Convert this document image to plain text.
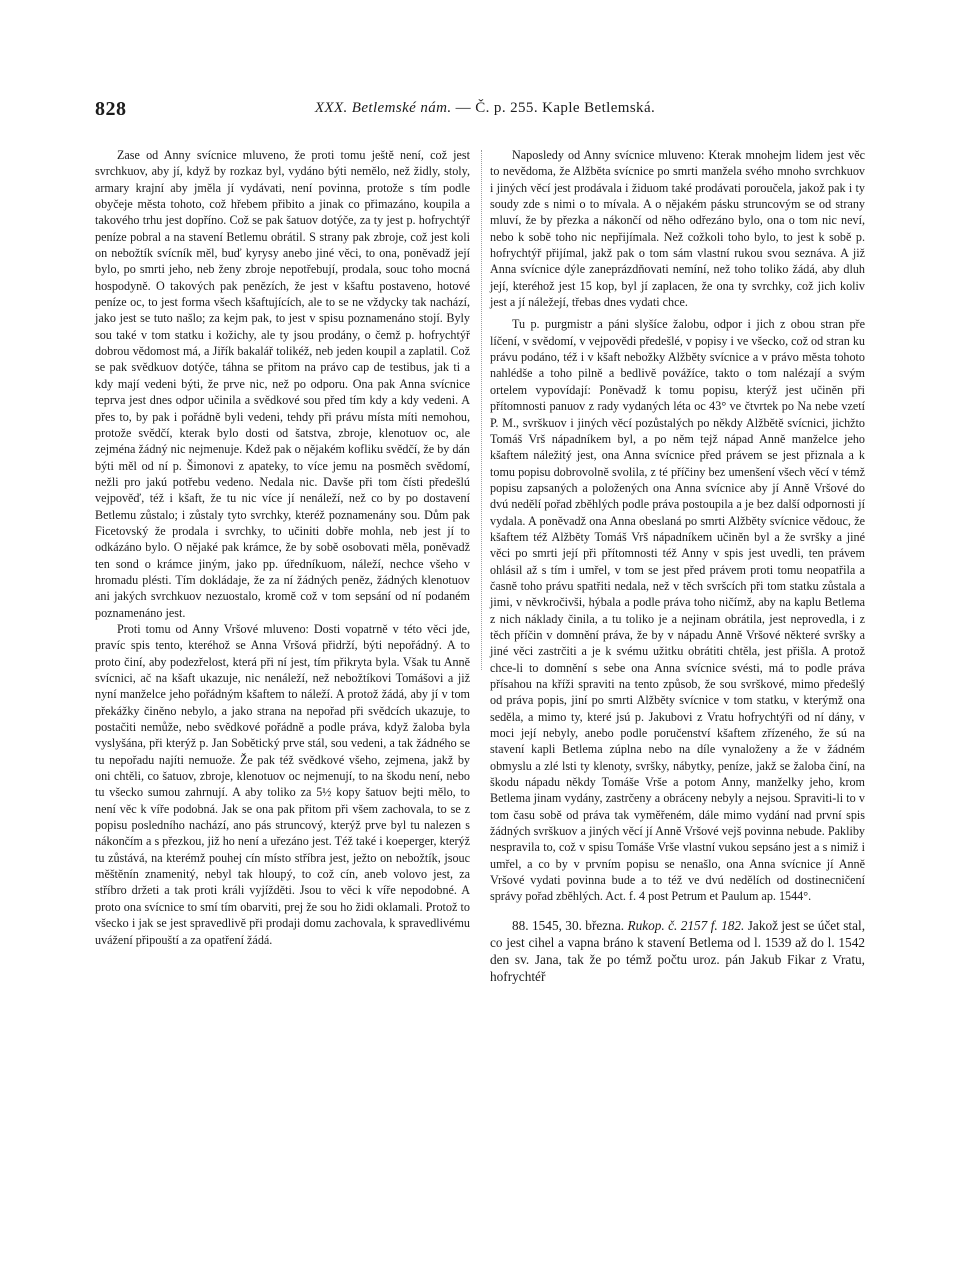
828	XXX. Betlemské nám. — Č. p. 255. Kaple Betlemská.

Zase od Anny svícnice mluveno, že proti tomu ještě není, což jest svrchkuov, aby jí, když by rozkaz byl, vydáno býti nemělo, než židly, stoly, armary krajní aby jměla jí vydávati, není povinna, protože s tím podle obyčeje města tohoto, což hřebem přibito a jinak co přimazáno, koupila a takového trhu jest dopříno. Což se pak šatuov dotýče, za ty jest p. hofrychtýř peníze pobral a na stavení Betlemu obrátil. S strany pak zbroje, což jest koli on nebožtík svícník měl, buď kyrysy anebo jiné věci, to ona, poněvadž její bylo, po smrti jeho, neb ženy zbroje nepotřebují, prodala, souc toho mocná hospodyně. O takových pak penězích, že jest v kšaftu postaveno, hotové peníze oc, to jest forma všech kšaftujících, ale to se ne vždycky tak nachází, jako jest se tuto našlo; za kejm pak, to jest v spisu poznamenáno stojí. Byly sou také v tom statku i kožichy, ale ty jsou prodány, o čemž p. hofrychtýř dobrou vědomost má, a Jiřík bakalář tolikéž, neb jeden koupil a zaplatil. Což se pak svědkuov dotýče, táhna se přitom na právo cap de testibus, jak ti a kdy mají vedeni býti, že prve nic, než po odporu. Ona pak Anna svícnice teprva jest dnes odpor učinila a svědkové sou před tím kdy a kdy vedeni. A přes to, by pak i pořádně byli vedeni, tehdy při právu místa míti nemohou, protože svědčí, kterak bylo dosti od šatstva, zbroje, klenotuov oc, ale zejména žádný nic nejmenuje. Kdež pak o nějakém kofliku svědčí, že by dán býti měl od ní p. Šimonovi z apateky, to více jemu na posměch svědomí, nežli pro jakú potřebu vedeno. Nedala nic. Davše při tom čísti předešlú vejpověď, též i kšaft, že tu nic více jí nenáleží, než co by po dostavení Betlemu zůstalo; i zůstaly tyto svrchky, kteréž poznamenány sou. Dům pak Ficetovský že prodala i svrchky, to učiniti dobře mohla, neb jest jí to odkázáno bylo. O nějaké pak krámce, že by sobě osobovati měla, poněvadž ten sond o krámce jiným, jako pp. úředníkuom, náleží, nechce všeho v hromadu plésti. Tím dokládaje, že za ní žádných peněz, žádných klenotuov ani jakých svrchkuov nezuostalo, kromě což v tom sepsání od ní podaném poznamenáno jest.

Proti tomu od Anny Vršové mluveno: Dosti vopatrně v této věci jde, pravíc spis tento, kteréhož se Anna Vršová přidrží, býti nepořádný. A to proto činí, aby podezřelost, která při ní jest, tím přikryta byla. Však tu Anně svícnici, ač na kšaft ukazuje, nic nenáleží, než nebožtíkovi Tomášovi a již nyní manželce jeho pořádným kšaftem to náleží. A protož žádá, aby jí v tom překážky činěno nebylo, a jako strana na nepořad při svědcích ukazuje, to postačiti nemůže, nebo svědkové pořádně a podle práva, když žaloba byla vyslyšána, při kterýž p. Jan Sobětický prve stál, sou vedeni, a tak žádného se tu nepořadu najíti nemuože. Že pak též svědkové všeho, zejmena, jakž by oni chtěli, co šatuov, zbroje, klenotuov oc nejmenují, to na škodu není, nebo tu všecko sumou zahrnují. A aby toliko za 5½ kopy šatuov bejti mělo, to není věc k víře podobná. Jak se ona pak přitom při všem zachovala, to se z popisu posledního nachází, ano pás struncový, kterýž prve byl tu nalezen s nákončím a s přezkou, již ho není a uřezáno jest. Též také i koeperger, kterýž tu zůstává, na kterémž pouhej cín místo stříbra jest, ježto on nebožtík, jsouc měštěnín znamenitý, nebyl tak hloupý, to což cín, aneb volovo jest, za stříbro držeti a tak proti králi vyjížděti. Jsou to věci k víře nepodobné. A proto ona svícnice to smí tím obarviti, prej že sou ho židi oklamali. Protož to všecko i jak se jest spravedlivě při prodaji domu zachovala, k spravedlivému uvážení připouští a za opatření žádá.

Naposledy od Anny svícnice mluveno: Kterak mnohejm lidem jest věc to nevědoma, že Alžběta svícnice po smrti manžela svého mnoho svrchkuov i jiných věcí jest prodávala i židuom také prodávati poroučela, jakož pak i ty soudy zde s nimi o to mívala. A o nějakém pásku struncovým se od strany mluví, že by přezka a nákončí od něho odřezáno bylo, ona o tom nic neví, nebo k sobě toho nic nepřijímala. Než cožkoli toho bylo, to jest k sobě p. hofrychtýř přijímal, jakž pak o tom sám vlastní rukou svou seznáva. A již Anna svícnice dýle zaneprázdňovati nemíní, než toho toliko žádá, aby dluh její, kteréhož jest 15 kop, byl jí zaplacen, že ona ty svrchky, což jich koliv jest a jí náležejí, třebas dnes vydati chce.

Tu p. purgmistr a páni slyšíce žalobu, odpor i jich z obou stran pře líčení, v svědomí, v vejpovědi předešlé, v popisy i ve všecko, což od stran ku právu podáno, též i v kšaft nebožky Alžběty svícnice a v právo města tohoto nahlédše a toho pilně a bedlivě povážíce, takto o tom nalézají a svým ortelem vypovídají: Poněvadž k tomu popisu, kterýž jest učiněn při přítomnosti panuov z rady vydaných léta oc 43° ve čtvrtek po Na nebe vzetí P. M., svrškuov i jiných věcí pozůstalých po někdy Alžbětě svícnici, jichžto Tomáš Vrš nápadníkem byl, a po něm tejž nápad Anně manželce jeho kšaftem náležitý jest, ona Anna svícnice před právem se jest přiznala a k tomu popisu dobrovolně svolila, z té příčiny bez umenšení všech věcí v témž popisu zapsaných a položených ona Anna svícnice aby jí Anně Vršové do dvú nedělí pořad zběhlých podle práva postoupila a je bez další odpornosti jí vydala. A poněvadž ona Anna obeslaná po smrti Alžběty svícnice vědouc, že kšaftem též Alžběty Tomáš Vrš nápadníkem učiněn byl a že svršky a jiné věci po smrti její při přítomnosti též Anny v spis jest uvedli, ten právem ohlásil až s tím i umřel, v tom se jest před právem proti tomu neopatřila a časně toho právu spatřiti nedala, než v těch svršcích při tom statku zůstala a jimi, v něvkročivši, hýbala a podle práva toho ničímž, aby na kaplu Betlema z nich náklady činila, a tu toliko je a nejinam obrátila, jest neprovedla, i z těch příčin v domnění práva, že by v nápadu Anně Vršové některé svršky a jiné věci zastrčiti a je k svému užitku obrátiti chtěla, jest přišla. A protož chce-li to domnění s sebe ona Anna svícnice svésti, má to podle práva přísahou na kříži spraviti na tento způsob, že sou svrškové, mimo předešlý od práva popis, jiní po smrti Alžběty svícnice v tom statku, v kterýmž ona seděla, a mimo ty, které jsú p. Jakubovi z Vratu hofrychtýři od ní dány, v moci její nebyly, anebo podle poručenství kšaftem zřízeného, že sú na stavení kapli Betlema zúplna nebo na díle vynaloženy a že v žádném obmyslu a zlé lsti ty klenoty, svršky, nábytky, peníze, jakž se žaloba činí, na škodu nápadu někdy Tomáše Vrše a potom Anny, manželky jeho, krom Betlema jinam vydány, zastrčeny a obráceny nebyly a nejsou. Spraviti-li to v tom času sobě od práva tak vyměřeném, dále mimo vydání nad první spis žádných svrškuov a jiných věcí jí Anně Vršové vejš povinna nebude. Pakliby nespravila to, což v spisu Tomáše Vrše vlastní vukou sepsáno jest a s nimiž i umřel, a co by v prvním popisu se nenašlo, ona Anna svícnice jí Anně Vršové vydati povinna bude a to též ve dvú nedělích od dostinecničení správy pořad zběhlých. Act. f. 4 post Petrum et Paulum ap. 1544°.

88. 1545, 30. března. Rukop. č. 2157 f. 182. Jakož jest se účet stal, co jest cihel a vapna bráno k stavení Betlema od l. 1539 až do l. 1542 den sv. Jana, tak že po témž počtu uroz. pán Jakub Fikar z Vratu, hofrychtéř
